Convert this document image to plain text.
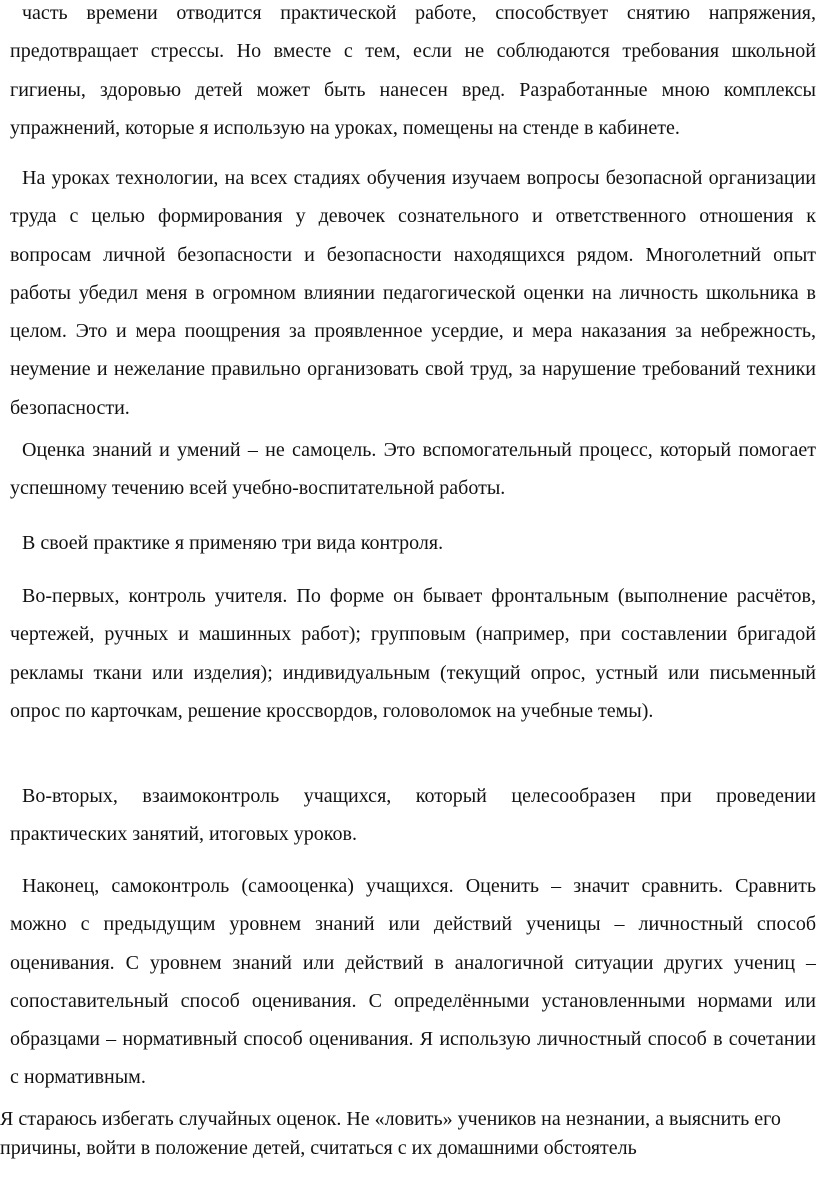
часть времени отводится практической работе, способствует снятию напряжения, предотвращает стрессы. Но вместе с тем, если не соблюдаются требования школьной гигиены, здоровью детей может быть нанесен вред. Разработанные мною комплексы упражнений, которые я использую на уроках, помещены на стенде в кабинете.

На уроках технологии, на всех стадиях обучения изучаем вопросы безопасной организации труда с целью формирования у девочек сознательного и ответственного отношения к вопросам личной безопасности и безопасности находящихся рядом. Многолетний опыт работы убедил меня в огромном влиянии педагогической оценки на личность школьника в целом. Это и мера поощрения за проявленное усердие, и мера наказания за небрежность, неумение и нежелание правильно организовать свой труд, за нарушение требований техники безопасности.

Оценка знаний и умений – не самоцель. Это вспомогательный процесс, который помогает успешному течению всей учебно-воспитательной работы.

В своей практике я применяю три вида контроля.

Во-первых, контроль учителя. По форме он бывает фронтальным (выполнение расчётов, чертежей, ручных и машинных работ); групповым (например, при составлении бригадой рекламы ткани или изделия); индивидуальным (текущий опрос, устный или письменный опрос по карточкам, решение кроссвордов, головоломок на учебные темы).

Во-вторых, взаимоконтроль учащихся, который целесообразен при проведении практических занятий, итоговых уроков.

Наконец, самоконтроль (самооценка) учащихся. Оценить – значит сравнить. Сравнить можно с предыдущим уровнем знаний или действий ученицы – личностный способ оценивания. С уровнем знаний или действий в аналогичной ситуации других учениц – сопоставительный способ оценивания. С определёнными установленными нормами или образцами – нормативный способ оценивания. Я использую личностный способ в сочетании с нормативным.

Я стараюсь избегать случайных оценок. Не «ловить» учеников на незнании, а выяснить его причины, войти в положение детей, считаться с их домашними обстоятель
